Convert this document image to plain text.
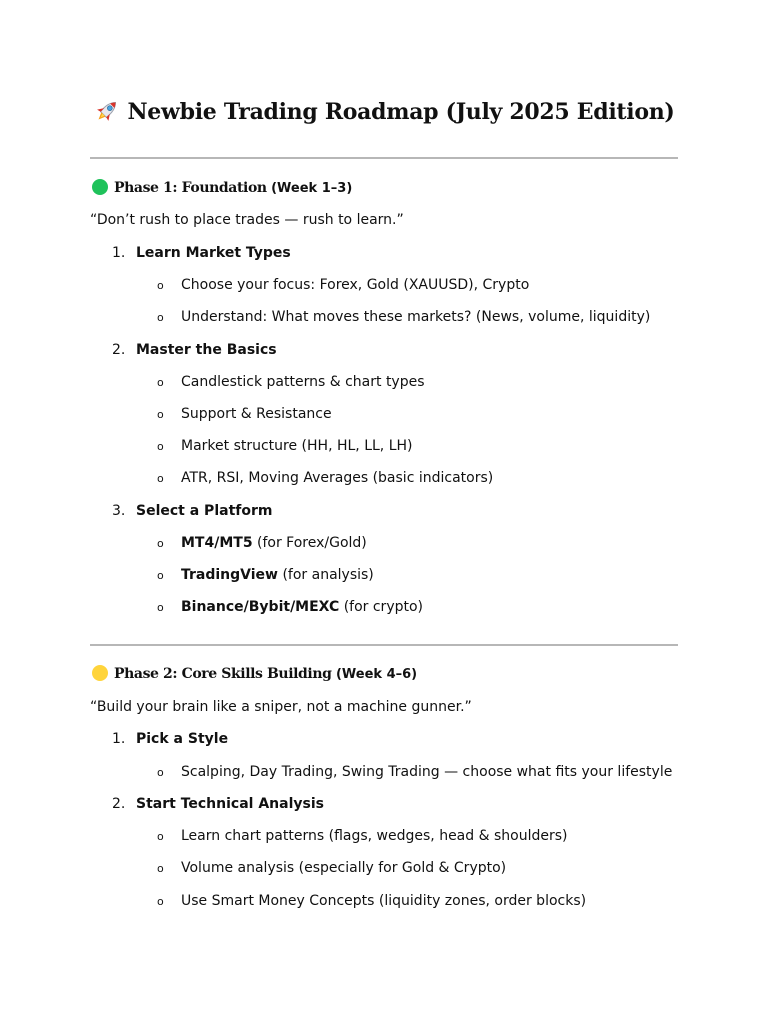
Newbie Trading Roadmap (July 2025 Edition)
Phase 1: Foundation (Week 1–3)
“Don’t rush to place trades — rush to learn.”
1. Learn Market Types
o Choose your focus: Forex, Gold (XAUUSD), Crypto
o Understand: What moves these markets? (News, volume, liquidity)
2. Master the Basics
o Candlestick patterns & chart types
o Support & Resistance
o Market structure (HH, HL, LL, LH)
o ATR, RSI, Moving Averages (basic indicators)
3. Select a Platform
o MT4/MT5 (for Forex/Gold)
o TradingView (for analysis)
o Binance/Bybit/MEXC (for crypto)
Phase 2: Core Skills Building (Week 4–6)
“Build your brain like a sniper, not a machine gunner.”
1. Pick a Style
o Scalping, Day Trading, Swing Trading — choose what fits your lifestyle
2. Start Technical Analysis
o Learn chart patterns (flags, wedges, head & shoulders)
o Volume analysis (especially for Gold & Crypto)
o Use Smart Money Concepts (liquidity zones, order blocks)
